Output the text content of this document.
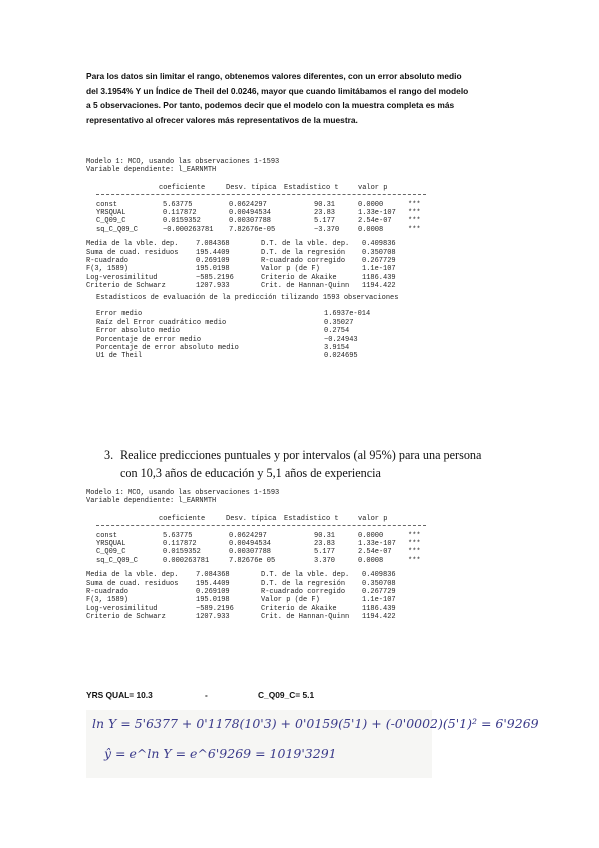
Para los datos sin limitar el rango, obtenemos valores diferentes, con un error absoluto medio
del 3.1954% Y un Índice de Theil del 0.0246, mayor que cuando limitábamos el rango del modelo
a 5 observaciones. Por tanto, podemos decir que el modelo con la muestra completa es más
representativo al ofrecer valores más representativos de la muestra.
Modelo 1: MCO, usando las observaciones 1-1593
Variable dependiente: l_EARNMTH
coeficiente	Desv. típica Estadístico t	valor p
const	5.63775	0.0624297	90.31	0.0000	***
YRSQUAL	0.117872	0.00494534	23.83	1.33e-107 ***
C_Q09_C	0.0159352	0.00307788	5.177	2.54e-07 ***
sq_C_Q09_C	−0.000263781 7.82676e-05	−3.370	0.0008	***
Media de la vble. dep.	7.084368	D.T. de la vble. dep. 0.409836
Suma de cuad. residuos	195.4409	D.T. de la regresión 0.350708
R-cuadrado	0.269109	R-cuadrado corregido 0.267729
F(3, 1589)	195.0198	Valor p (de F)	1.1e-107
Log-verosimilitud	−585.2196	Criterio de Akaike	1186.439
Criterio de Schwarz	1207.933	Crit. de Hannan-Quinn 1194.422
Estadísticos de evaluación de la predicción tilizando 1593 observaciones
Error medio	1.6937e-014
Raíz del Error cuadrático medio	0.35027
Error absoluto medio	0.2754
Porcentaje de error medio	−0.24943
Porcentaje de error absoluto medio	3.9154
U1 de Theil	0.024695
3. Realice predicciones puntuales y por intervalos (al 95%) para una persona
con 10,3 años de educación y 5,1 años de experiencia
Modelo 1: MCO, usando las observaciones 1-1593
Variable dependiente: l_EARNMTH
coeficiente	Desv. típica Estadístico t	valor p
const	5.63775	0.0624297	90.31	0.0000	***
YRSQUAL	0.117872	0.00494534	23.83	1.33e-107 ***
C_Q09_C	0.0159352	0.00307788	5.177	2.54e-07 ***
sq_C_Q09_C	0.000263781	7.82676e 05	3.370	0.0008	***
Media de la vble. dep.	7.084368	D.T. de la vble. dep. 0.409836
Suma de cuad. residuos	195.4409	D.T. de la regresión 0.350708
R-cuadrado	0.269109	R-cuadrado corregido 0.267729
F(3, 1589)	195.0198	Valor p (de F)	1.1e-107
Log-verosimilitud	−589.2196	Criterio de Akaike	1186.439
Criterio de Schwarz	1207.933	Crit. de Hannan-Quinn 1194.422
YRS QUAL= 10.3	-	C_Q09_C= 5.1
ln Y = 5'6377 + 0'1178(10'3) + 0'0159(5'1) + (-0'0002)(5'1)² = 6'9269
ŷ = e^ln Y = e^6'9269 = 1019'3291
